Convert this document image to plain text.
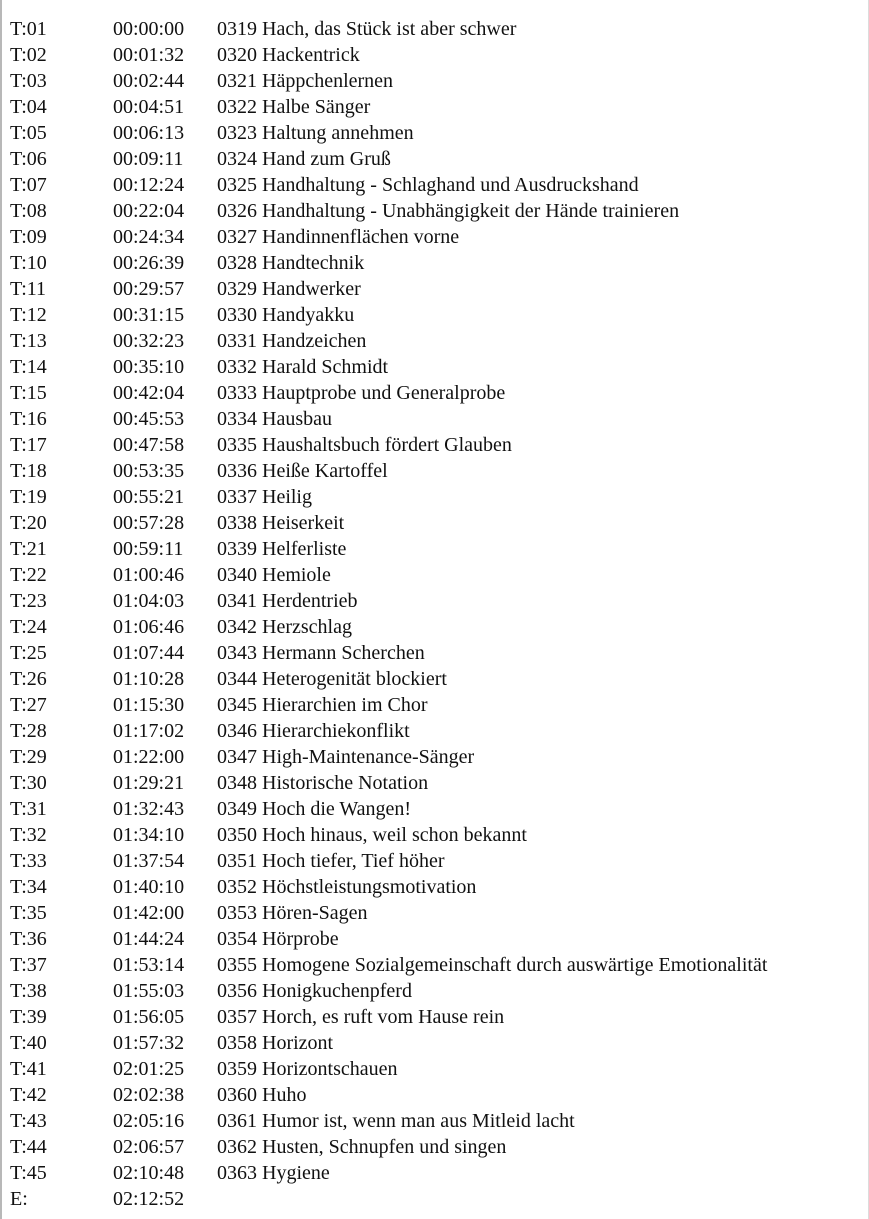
T:01	00:00:00	0319 Hach, das Stück ist aber schwer
T:02	00:01:32	0320 Hackentrick
T:03	00:02:44	0321 Häppchenlernen
T:04	00:04:51	0322 Halbe Sänger
T:05	00:06:13	0323 Haltung annehmen
T:06	00:09:11	0324 Hand zum Gruß
T:07	00:12:24	0325 Handhaltung - Schlaghand und Ausdruckshand
T:08	00:22:04	0326 Handhaltung - Unabhängigkeit der Hände trainieren
T:09	00:24:34	0327 Handinnenflächen vorne
T:10	00:26:39	0328 Handtechnik
T:11	00:29:57	0329 Handwerker
T:12	00:31:15	0330 Handyakku
T:13	00:32:23	0331 Handzeichen
T:14	00:35:10	0332 Harald Schmidt
T:15	00:42:04	0333 Hauptprobe und Generalprobe
T:16	00:45:53	0334 Hausbau
T:17	00:47:58	0335 Haushaltsbuch fördert Glauben
T:18	00:53:35	0336 Heiße Kartoffel
T:19	00:55:21	0337 Heilig
T:20	00:57:28	0338 Heiserkeit
T:21	00:59:11	0339 Helferliste
T:22	01:00:46	0340 Hemiole
T:23	01:04:03	0341 Herdentrieb
T:24	01:06:46	0342 Herzschlag
T:25	01:07:44	0343 Hermann Scherchen
T:26	01:10:28	0344 Heterogenität blockiert
T:27	01:15:30	0345 Hierarchien im Chor
T:28	01:17:02	0346 Hierarchiekonflikt
T:29	01:22:00	0347 High-Maintenance-Sänger
T:30	01:29:21	0348 Historische Notation
T:31	01:32:43	0349 Hoch die Wangen!
T:32	01:34:10	0350 Hoch hinaus, weil schon bekannt
T:33	01:37:54	0351 Hoch tiefer, Tief höher
T:34	01:40:10	0352 Höchstleistungsmotivation
T:35	01:42:00	0353 Hören-Sagen
T:36	01:44:24	0354 Hörprobe
T:37	01:53:14	0355 Homogene Sozialgemeinschaft durch auswärtige Emotionalität
T:38	01:55:03	0356 Honigkuchenpferd
T:39	01:56:05	0357 Horch, es ruft vom Hause rein
T:40	01:57:32	0358 Horizont
T:41	02:01:25	0359 Horizontschauen
T:42	02:02:38	0360 Huho
T:43	02:05:16	0361 Humor ist, wenn man aus Mitleid lacht
T:44	02:06:57	0362 Husten, Schnupfen und singen
T:45	02:10:48	0363 Hygiene
E:	02:12:52
